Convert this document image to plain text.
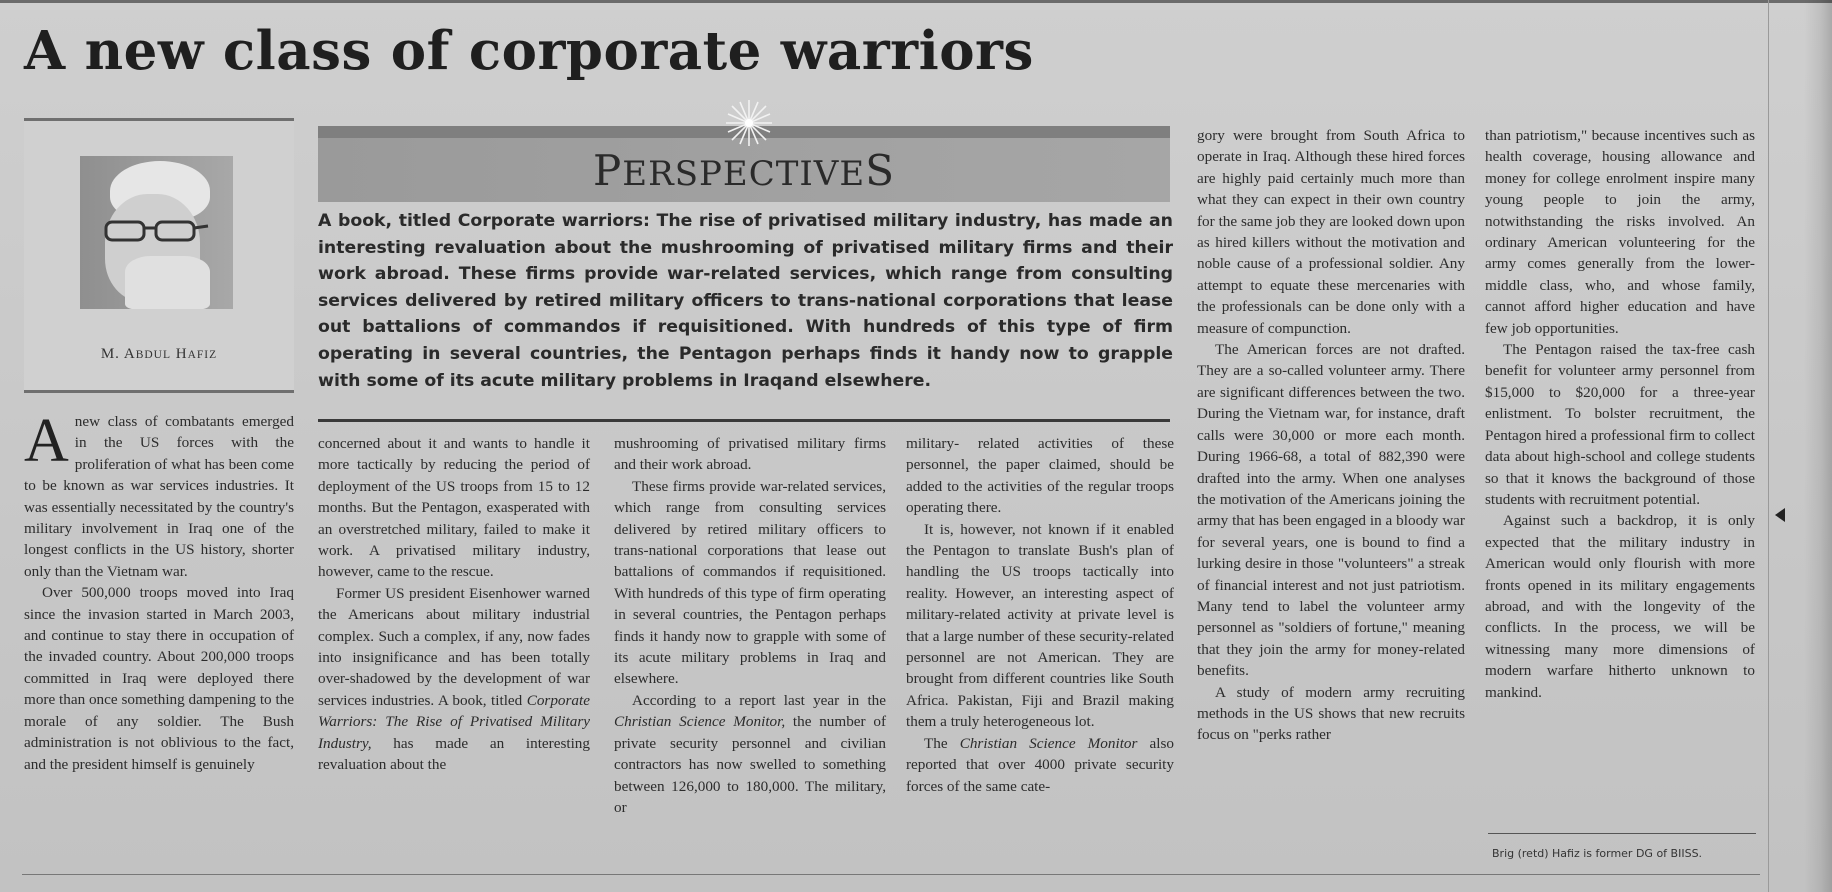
A new class of corporate warriors
M. ABDUL HAFIZ
PERSPECTIVES
A book, titled Corporate warriors: The rise of privatised military industry, has made an interesting revaluation about the mushrooming of privatised military firms and their work abroad. These firms provide war-related services, which range from consulting services delivered by retired military officers to trans-national corporations that lease out battalions of commandos if requisitioned. With hundreds of this type of firm operating in several countries, the Pentagon perhaps finds it handy now to grapple with some of its acute military problems in Iraqand elsewhere.

Anew class of combatants emerged in the US forces with the proliferation of what has been come to be known as war services industries. It was essentially necessitated by the country's military involvement in Iraq one of the longest conflicts in the US history, shorter only than the Vietnam war.

Over 500,000 troops moved into Iraq since the invasion started in March 2003, and continue to stay there in occupation of the invaded country. About 200,000 troops committed in Iraq were deployed there more than once something dampening to the morale of any soldier. The Bush administration is not oblivious to the fact, and the president himself is genuinely

concerned about it and wants to handle it more tactically by reducing the period of deployment of the US troops from 15 to 12 months. But the Pentagon, exasperated with an overstretched military, failed to make it work. A privatised military industry, however, came to the rescue.

Former US president Eisenhower warned the Americans about military industrial complex. Such a complex, if any, now fades into insignificance and has been totally over-shadowed by the development of war services industries. A book, titled Corporate Warriors: The Rise of Privatised Military Industry, has made an interesting revaluation about the

mushrooming of privatised military firms and their work abroad.

These firms provide war-related services, which range from consulting services delivered by retired military officers to trans-national corporations that lease out battalions of commandos if requisitioned. With hundreds of this type of firm operating in several countries, the Pentagon perhaps finds it handy now to grapple with some of its acute military problems in Iraq and elsewhere.

According to a report last year in the Christian Science Monitor, the number of private security personnel and civilian contractors has now swelled to something between 126,000 to 180,000. The military, or

military- related activities of these personnel, the paper claimed, should be added to the activities of the regular troops operating there.

It is, however, not known if it enabled the Pentagon to translate Bush's plan of handling the US troops tactically into reality. However, an interesting aspect of military-related activity at private level is that a large number of these security-related personnel are not American. They are brought from different countries like South Africa. Pakistan, Fiji and Brazil making them a truly heterogeneous lot.

The Christian Science Monitor also reported that over 4000 private security forces of the same cate-

gory were brought from South Africa to operate in Iraq. Although these hired forces are highly paid certainly much more than what they can expect in their own country for the same job they are looked down upon as hired killers without the motivation and noble cause of a professional soldier. Any attempt to equate these mercenaries with the professionals can be done only with a measure of compunction.

The American forces are not drafted. They are a so-called volunteer army. There are significant differences between the two. During the Vietnam war, for instance, draft calls were 30,000 or more each month. During 1966-68, a total of 882,390 were drafted into the army. When one analyses the motivation of the Americans joining the army that has been engaged in a bloody war for several years, one is bound to find a lurking desire in those "volunteers" a streak of financial interest and not just patriotism. Many tend to label the volunteer army personnel as "soldiers of fortune," meaning that they join the army for money-related benefits.

A study of modern army recruiting methods in the US shows that new recruits focus on "perks rather

than patriotism," because incentives such as health coverage, housing allowance and money for college enrolment inspire many young people to join the army, notwithstanding the risks involved. An ordinary American volunteering for the army comes generally from the lower-middle class, who, and whose family, cannot afford higher education and have few job opportunities.

The Pentagon raised the tax-free cash benefit for volunteer army personnel from $15,000 to $20,000 for a three-year enlistment. To bolster recruitment, the Pentagon hired a professional firm to collect data about high-school and college students so that it knows the background of those students with recruitment potential.

Against such a backdrop, it is only expected that the military industry in American would only flourish with more fronts opened in its military engagements abroad, and with the longevity of the conflicts. In the process, we will be witnessing many more dimensions of modern warfare hitherto unknown to mankind.

Brig (retd) Hafiz is former DG of BIISS.
